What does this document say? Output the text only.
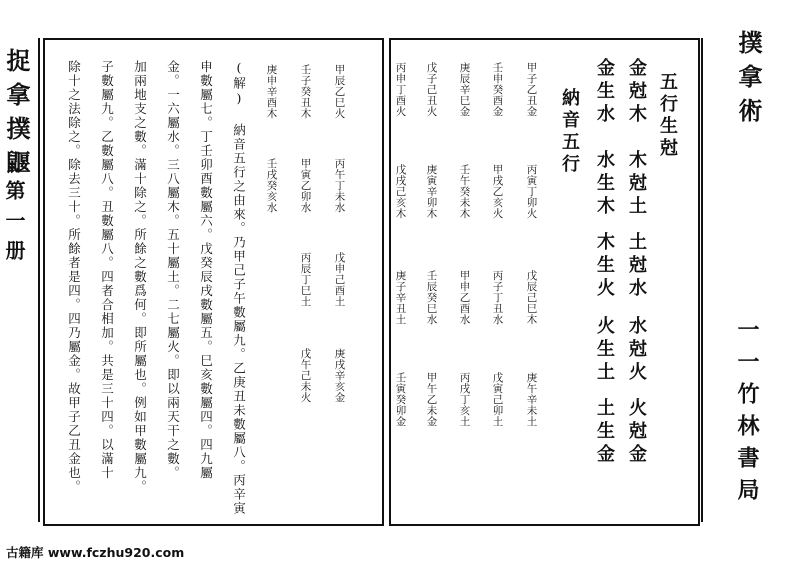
捉拿撲鼴
第一册
撲拿術
一一竹林書局
甲辰乙巳火
丙午丁未水
戊申己酉土
庚戌辛亥金
壬子癸丑木
甲寅乙卯水
丙辰丁巳土
戊午己未火
庚申辛酉木
壬戌癸亥水
(解) 納音五行之由來。乃甲己子午數屬九。乙庚丑未數屬八。丙辛寅
申數屬七。丁壬卯酉數屬六。戊癸辰戌數屬五。巳亥數屬四。四九屬
金。一六屬水。三八屬木。五十屬土。二七屬火。即以兩天干之數。
加兩地支之數。滿十除之。所餘之數爲何。即所屬也。例如甲數屬九。
子數屬九。乙數屬八。丑數屬八。四者合相加。共是三十四。以滿十
除十之法除之。除去三十。所餘者是四。四乃屬金。故甲子乙丑金也。	五行生尅
金尅木
木尅土
土尅水
水尅火
火尅金
金生水
水生木
木生火
火生土
土生金
納音五行
甲子乙丑金
丙寅丁卯火
戊辰己巳木
庚午辛未土
壬申癸酉金
甲戌乙亥火
丙子丁丑水
戊寅己卯土
庚辰辛巳金
壬午癸未木
甲申乙酉水
丙戌丁亥土
戊子己丑火
庚寅辛卯木
壬辰癸巳水
甲午乙未金
丙申丁酉火
戊戌己亥木
庚子辛丑土
壬寅癸卯金
古籍库 www.fczhu920.com
